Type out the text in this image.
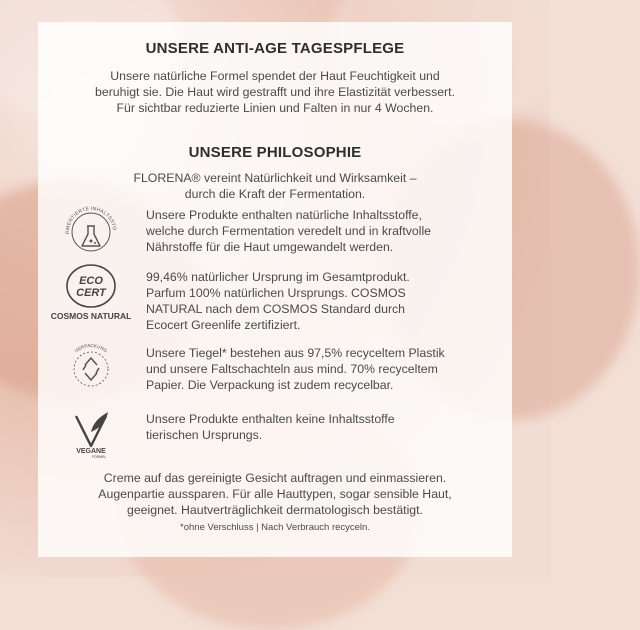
UNSERE ANTI-AGE TAGESPFLEGE
Unsere natürliche Formel spendet der Haut Feuchtigkeit und
beruhigt sie. Die Haut wird gestrafft und ihre Elastizität verbessert.
Für sichtbar reduzierte Linien und Falten in nur 4 Wochen.
UNSERE PHILOSOPHIE
FLORENA® vereint Natürlichkeit und Wirksamkeit –
durch die Kraft der Fermentation.
RMENTIERTE INHALTSSTO
Unsere Produkte enthalten natürliche Inhaltsstoffe,
welche durch Fermentation veredelt und in kraftvolle
Nährstoffe für die Haut umgewandelt werden.
ECO
CERT
COSMOS NATURAL
99,46% natürlicher Ursprung im Gesamtprodukt.
Parfum 100% natürlichen Ursprungs. COSMOS
NATURAL nach dem COSMOS Standard durch
Ecocert Greenlife zertifiziert.
VERPACKUNG	Unsere Tiegel* bestehen aus 97,5% recyceltem Plastik
und unsere Faltschachteln aus mind. 70% recyceltem
Papier. Die Verpackung ist zudem recycelbar.
VEGANE
FORMEL
Unsere Produkte enthalten keine Inhaltsstoffe
tierischen Ursprungs.
Creme auf das gereinigte Gesicht auftragen und einmassieren.
Augenpartie aussparen. Für alle Hauttypen, sogar sensible Haut,
geeignet. Hautverträglichkeit dermatologisch bestätigt.
*ohne Verschluss | Nach Verbrauch recyceln.
